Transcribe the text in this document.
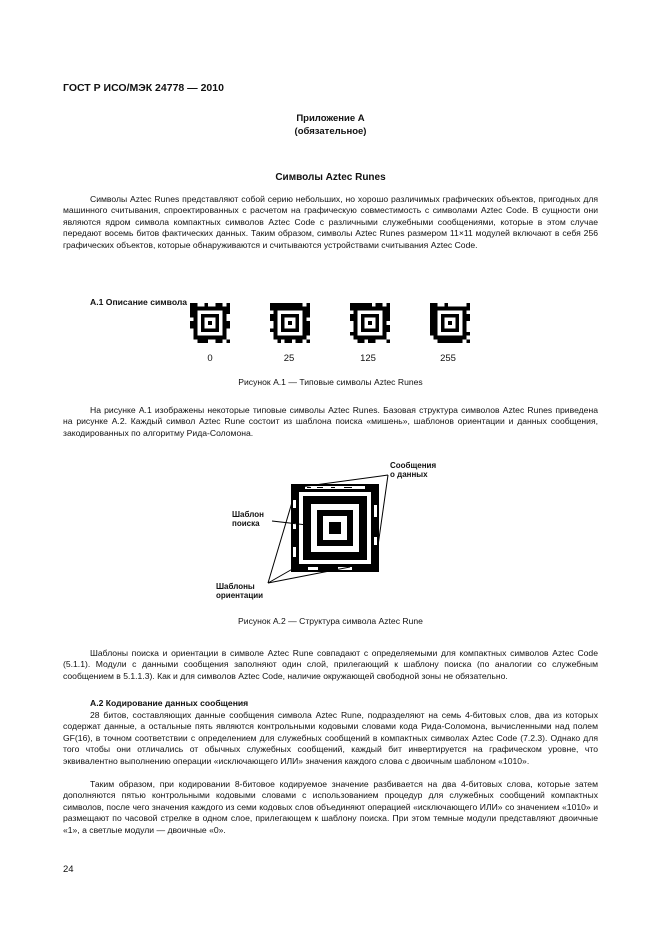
ГОСТ Р ИСО/МЭК 24778 — 2010
Приложение А
(обязательное)
Символы Aztec Runes

Символы Aztec Runes представляют собой серию небольших, но хорошо различимых графических объектов, пригодных для машинного считывания, спроектированных с расчетом на графическую совместимость с символами Aztec Code. В сущности они являются ядром символа компактных символов Aztec Code с различными служебными сообщениями, которые в этом случае передают восемь битов фактических данных. Таким образом, символы Aztec Runes размером 11×11 модулей включают в себя 256 графических объектов, которые обнаруживаются и считываются устройствами считывания Aztec Code.

А.1 Описание символа
0	25	125	255
Рисунок А.1 — Типовые символы Aztec Runes

На рисунке А.1 изображены некоторые типовые символы Aztec Runes. Базовая структура символов Aztec Runes приведена на рисунке А.2. Каждый символ Aztec Rune состоит из шаблона поиска «мишень», шаблонов ориентации и данных сообщения, закодированных по алгоритму Рида-Соломона.

Сообщения
о данных
Шаблон
поиска
Шаблоны
ориентации
Рисунок А.2 — Структура символа Aztec Rune

Шаблоны поиска и ориентации в символе Aztec Rune совпадают с определяемыми для компактных символов Aztec Code (5.1.1). Модули с данными сообщения заполняют один слой, прилегающий к шаблону поиска (по аналогии со служебным сообщением в 5.1.1.3). Как и для символов Aztec Code, наличие окружающей свободной зоны не обязательно.

А.2 Кодирование данных сообщения

28 битов, составляющих данные сообщения символа Aztec Rune, подразделяют на семь 4-битовых слов, два из которых содержат данные, а остальные пять являются контрольными кодовыми словами кода Рида-Соломона, вычисленными над полем GF(16), в точном соответствии с определением для служебных сообщений в компактных символах Aztec Code (7.2.3). Однако для того чтобы они отличались от обычных служебных сообщений, каждый бит инвертируется на графическом уровне, что эквивалентно выполнению операции «исключающего ИЛИ» значения каждого слова с двоичным шаблоном «1010».

Таким образом, при кодировании 8-битовое кодируемое значение разбивается на два 4-битовых слова, которые затем дополняются пятью контрольными кодовыми словами с использованием процедур для служебных сообщений компактных символов, после чего значения каждого из семи кодовых слов объединяют операцией «исключающего ИЛИ» со значением «1010» и размещают по часовой стрелке в одном слое, прилегающем к шаблону поиска. При этом темные модули представляют двоичные «1», а светлые модули — двоичные «0».

24
